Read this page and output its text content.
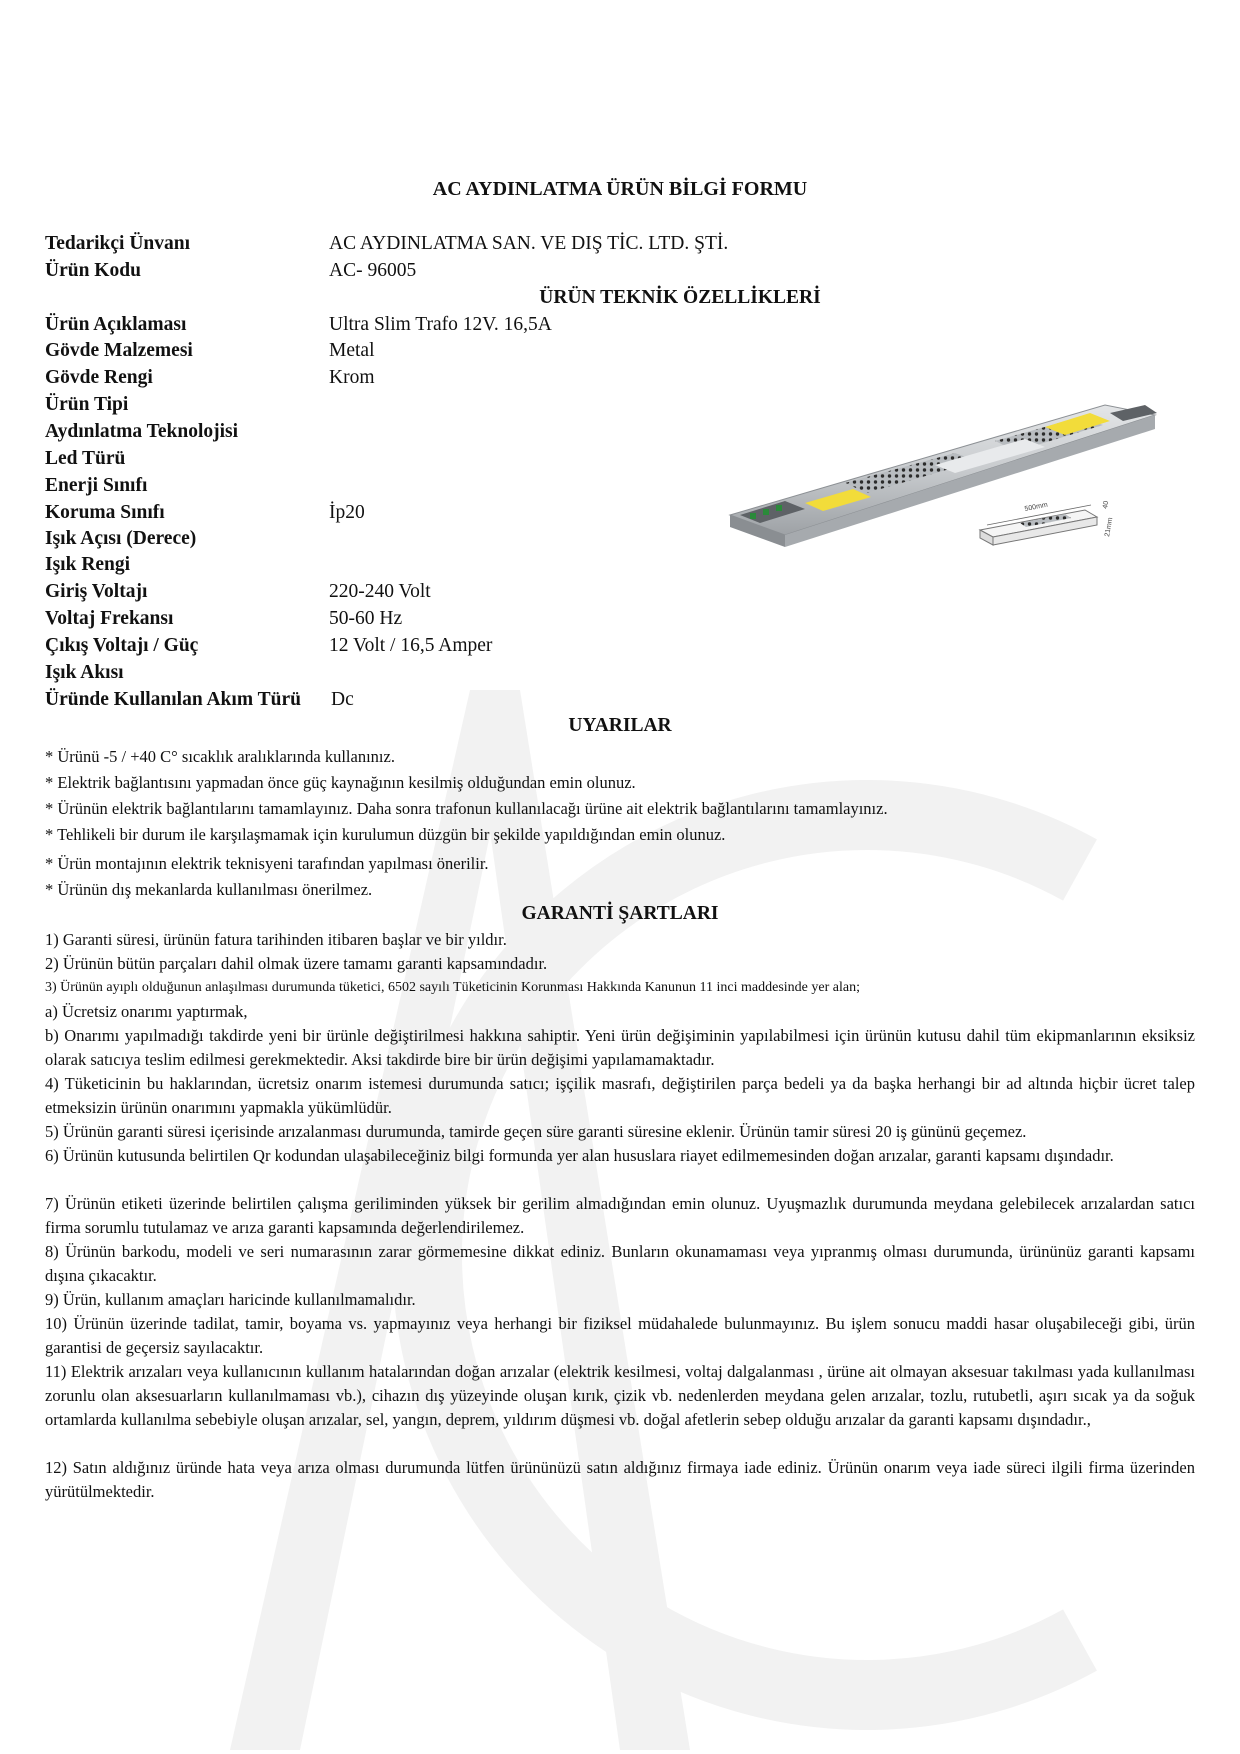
AC AYDINLATMA ÜRÜN BİLGİ FORMU
Tedarikçi Ünvanı	AC AYDINLATMA SAN. VE DIŞ TİC. LTD. ŞTİ.
Ürün Kodu	AC- 96005
ÜRÜN TEKNİK ÖZELLİKLERİ
Ürün Açıklaması	Ultra Slim Trafo 12V. 16,5A
Gövde Malzemesi	Metal
Gövde Rengi	Krom
Ürün Tipi
Aydınlatma Teknolojisi
Led Türü
Enerji Sınıfı
Koruma Sınıfı	İp20
Işık Açısı (Derece)
Işık Rengi
Giriş Voltajı	220-240 Volt
Voltaj Frekansı	50-60 Hz
Çıkış Voltajı / Güç	12 Volt / 16,5 Amper
Işık Akısı
Üründe Kullanılan Akım Türü Dc
UYARILAR
* Ürünü -5 / +40 C° sıcaklık aralıklarında kullanınız.
* Elektrik bağlantısını yapmadan önce güç kaynağının kesilmiş olduğundan emin olunuz.
* Ürünün elektrik bağlantılarını tamamlayınız. Daha sonra trafonun kullanılacağı ürüne ait elektrik bağlantılarını tamamlayınız.
* Tehlikeli bir durum ile karşılaşmamak için kurulumun düzgün bir şekilde yapıldığından emin olunuz.
* Ürün montajının elektrik teknisyeni tarafından yapılması önerilir.
* Ürünün dış mekanlarda kullanılması önerilmez.
GARANTİ ŞARTLARI
1) Garanti süresi, ürünün fatura tarihinden itibaren başlar ve bir yıldır.
2) Ürünün bütün parçaları dahil olmak üzere tamamı garanti kapsamındadır.
3) Ürünün ayıplı olduğunun anlaşılması durumunda tüketici, 6502 sayılı Tüketicinin Korunması Hakkında Kanunun 11 inci maddesinde yer alan;
a) Ücretsiz onarımı yaptırmak,
b) Onarımı yapılmadığı takdirde yeni bir ürünle değiştirilmesi hakkına sahiptir. Yeni ürün değişiminin yapılabilmesi için ürünün kutusu dahil tüm ekipmanlarının eksiksiz olarak satıcıya teslim edilmesi gerekmektedir. Aksi takdirde bire bir ürün değişimi yapılamamaktadır.
4) Tüketicinin bu haklarından, ücretsiz onarım istemesi durumunda satıcı; işçilik masrafı, değiştirilen parça bedeli ya da başka herhangi bir ad altında hiçbir ücret talep etmeksizin ürünün onarımını yapmakla yükümlüdür.
5) Ürünün garanti süresi içerisinde arızalanması durumunda, tamirde geçen süre garanti süresine eklenir. Ürünün tamir süresi 20 iş gününü geçemez.
6) Ürünün kutusunda belirtilen Qr kodundan ulaşabileceğiniz bilgi formunda yer alan hususlara riayet edilmemesinden doğan arızalar, garanti kapsamı dışındadır.
7) Ürünün etiketi üzerinde belirtilen çalışma geriliminden yüksek bir gerilim almadığından emin olunuz. Uyuşmazlık durumunda meydana gelebilecek arızalardan satıcı firma sorumlu tutulamaz ve arıza garanti kapsamında değerlendirilemez.
8) Ürünün barkodu, modeli ve seri numarasının zarar görmemesine dikkat ediniz. Bunların okunamaması veya yıpranmış olması durumunda, ürününüz garanti kapsamı dışına çıkacaktır.
9) Ürün, kullanım amaçları haricinde kullanılmamalıdır.
10) Ürünün üzerinde tadilat, tamir, boyama vs. yapmayınız veya herhangi bir fiziksel müdahalede bulunmayınız. Bu işlem sonucu maddi hasar oluşabileceği gibi, ürün garantisi de geçersiz sayılacaktır.
11) Elektrik arızaları veya kullanıcının kullanım hatalarından doğan arızalar (elektrik kesilmesi, voltaj dalgalanması , ürüne ait olmayan aksesuar takılması yada kullanılması zorunlu olan aksesuarların kullanılmaması vb.), cihazın dış yüzeyinde oluşan kırık, çizik vb. nedenlerden meydana gelen arızalar, tozlu, rutubetli, aşırı sıcak ya da soğuk ortamlarda kullanılma sebebiyle oluşan arızalar, sel, yangın, deprem, yıldırım düşmesi vb. doğal afetlerin sebep olduğu arızalar da garanti kapsamı dışındadır.,
12) Satın aldığınız üründe hata veya arıza olması durumunda lütfen ürününüzü satın aldığınız firmaya iade ediniz. Ürünün onarım veya iade süreci ilgili firma üzerinden yürütülmektedir.
500mm	40
21mm
